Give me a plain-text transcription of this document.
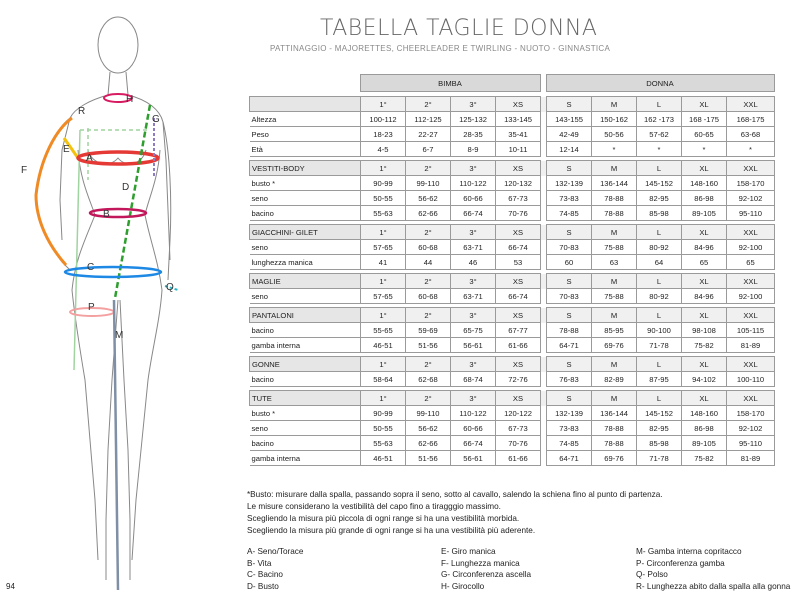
R
H
G
E
A
F
D
B
C
Q
P
M
TABELLA TAGLIE DONNA
PATTINAGGIO - MAJORETTES, CHEERLEADER E TWIRLING - NUOTO - GINNASTICA
	BIMBA		DONNA
	1°	2°	3°	XS		S	M	L	XL	XXL
Altezza	100-112	112-125	125-132	133-145		143-155	150-162	162 -173	168 -175	168-175
Peso	18-23	22-27	28-35	35-41		42-49	50-56	57-62	60-65	63-68
Età	4-5	6-7	8-9	10-11		12-14	*	*	*	*
VESTITI-BODY	1°	2°	3°	XS		S	M	L	XL	XXL
busto *	90-99	99-110	110-122	120-132		132-139	136-144	145-152	148-160	158-170
seno	50-55	56-62	60-66	67-73		73-83	78-88	82-95	86-98	92-102
bacino	55-63	62-66	66-74	70-76		74-85	78-88	85-98	89-105	95-110
GIACCHINI- GILET	1°	2°	3°	XS		S	M	L	XL	XXL
seno	57-65	60-68	63-71	66-74		70-83	75-88	80-92	84-96	92-100
lunghezza manica	41	44	46	53		60	63	64	65	65
MAGLIE	1°	2°	3°	XS		S	M	L	XL	XXL
seno	57-65	60-68	63-71	66-74		70-83	75-88	80-92	84-96	92-100
PANTALONI	1°	2°	3°	XS		S	M	L	XL	XXL
bacino	55-65	59-69	65-75	67-77		78-88	85-95	90-100	98-108	105-115
gamba interna	46-51	51-56	56-61	61-66		64-71	69-76	71-78	75-82	81-89
GONNE	1°	2°	3°	XS		S	M	L	XL	XXL
bacino	58-64	62-68	68-74	72-76		76-83	82-89	87-95	94-102	100-110
TUTE	1°	2°	3°	XS		S	M	L	XL	XXL
busto *	90-99	99-110	110-122	120-122		132-139	136-144	145-152	148-160	158-170
seno	50-55	56-62	60-66	67-73		73-83	78-88	82-95	86-98	92-102
bacino	55-63	62-66	66-74	70-76		74-85	78-88	85-98	89-105	95-110
gamba interna	46-51	51-56	56-61	61-66		64-71	69-76	71-78	75-82	81-89
*Busto: misurare dalla spalla, passando sopra il seno, sotto al cavallo, salendo la schiena fino al punto di partenza.
Le misure considerano la vestibilità del capo fino a tiragggio massimo.
Scegliendo la misura più piccola di ogni range si ha una vestibilità morbida.
Scegliendo la misura più grande di ogni range si ha una vestibilità più aderente.
A- Seno/Torace
B- Vita
C- Bacino
D- Busto
E- Giro manica
F- Lunghezza manica
G- Circonferenza ascella
H- Girocollo
M- Gamba interna copritacco
P- Circonferenza gamba
Q- Polso
R- Lunghezza abito dalla spalla alla gonna
94
